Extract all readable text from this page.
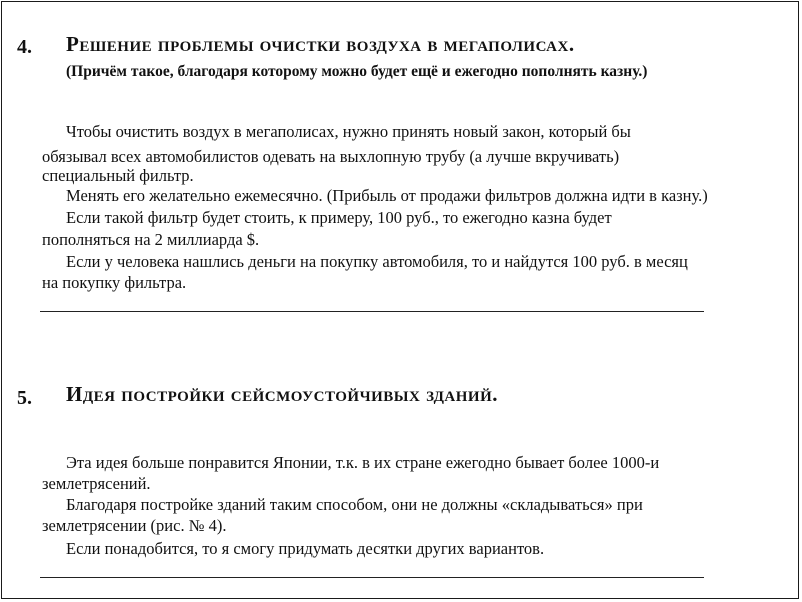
4. Решение проблемы очистки воздуха в мегаполисах.
(Причём такое, благодаря которому можно будет ещё и ежегодно пополнять казну.)
Чтобы очистить воздух в мегаполисах, нужно принять новый закон, который бы
обязывал всех автомобилистов одевать на выхлопную трубу (а лучше вкручивать)
специальный фильтр.
Менять его желательно ежемесячно. (Прибыль от продажи фильтров должна идти в казну.)
Если такой фильтр будет стоить, к примеру, 100 руб., то ежегодно казна будет
пополняться на 2 миллиарда $.
Если у человека нашлись деньги на покупку автомобиля, то и найдутся 100 руб. в месяц
на покупку фильтра.
5. Идея постройки сейсмоустойчивых зданий.
Эта идея больше понравится Японии, т.к. в их стране ежегодно бывает более 1000-и
землетрясений.
Благодаря постройке зданий таким способом, они не должны «складываться» при
землетрясении (рис. № 4).
Если понадобится, то я смогу придумать десятки других вариантов.
